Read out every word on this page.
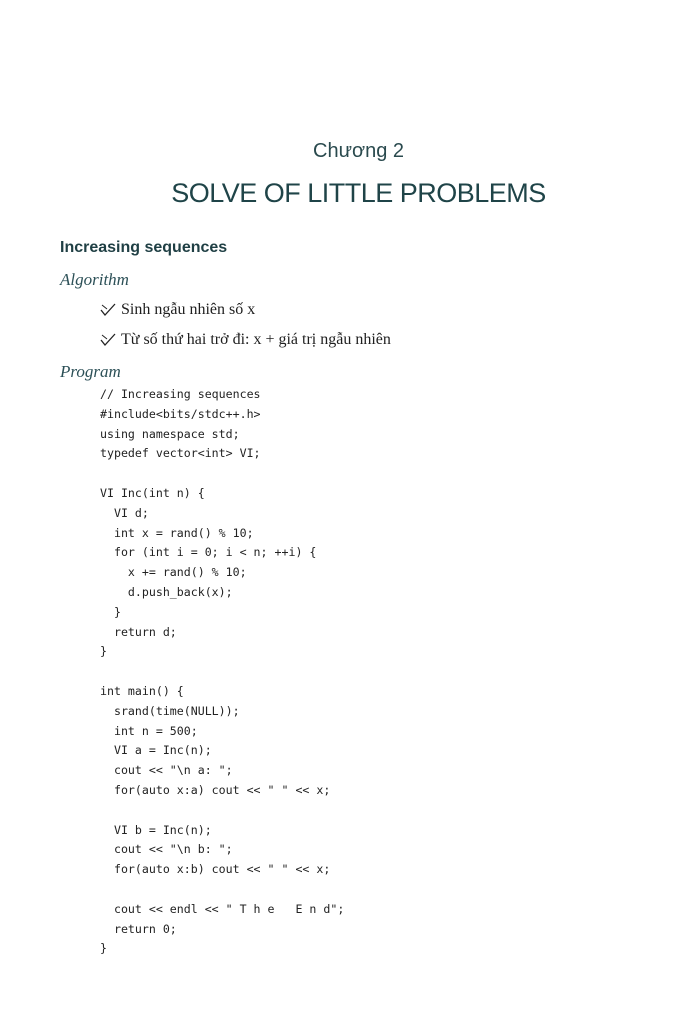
Chương 2
SOLVE OF LITTLE PROBLEMS
Increasing sequences
Algorithm
Sinh ngẫu nhiên số x
Từ số thứ hai trở đi: x + giá trị ngẫu nhiên
Program
// Increasing sequences
#include<bits/stdc++.h>
using namespace std;
typedef vector<int> VI;
VI Inc(int n) {
VI d;
int x = rand() % 10;
for (int i = 0; i < n; ++i) {
x += rand() % 10;
d.push_back(x);
}
return d;
}
int main() {
srand(time(NULL));
int n = 500;
VI a = Inc(n);
cout << "\n a: ";
for(auto x:a) cout << " " << x;
VI b = Inc(n);
cout << "\n b: ";
for(auto x:b) cout << " " << x;
cout << endl << " T h e   E n d";
return 0;
}
